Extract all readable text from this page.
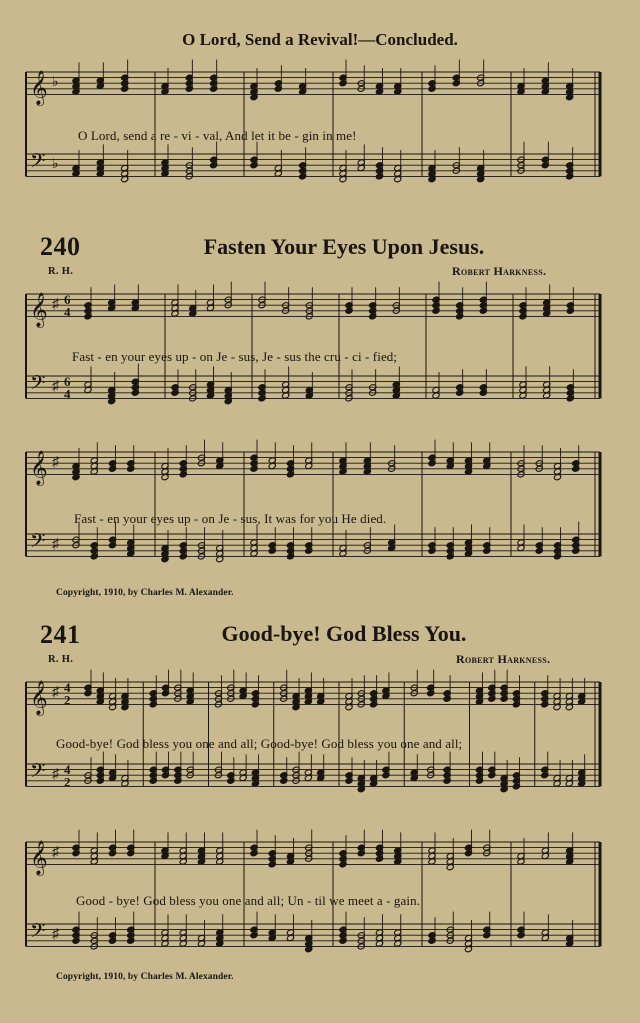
O Lord, Send a Revival!—Concluded.
𝄞
𝄢
♭
♭
O Lord, send a re - vi - val, And let it be - gin in me!
240	Fasten Your Eyes Upon Jesus.
R. H.	Robert Harkness.
𝄞
𝄢
♯
♯
6
4
6
4
Fast - en your eyes up - on Je - sus, Je - sus the cru - ci - fied;
𝄞
𝄢
♯
♯
Fast - en your eyes up - on Je - sus, It was for you He died.
Copyright, 1910, by Charles M. Alexander.
241	Good-bye! God Bless You.
R. H.	Robert Harkness.
𝄞
𝄢
♯
♯
4
2
4
2
Good-bye! God bless you one and all; Good-bye! God bless you one and all;
𝄞
𝄢
♯
♯
Good - bye! God bless you one and all; Un - til we meet a - gain.
Copyright, 1910, by Charles M. Alexander.
